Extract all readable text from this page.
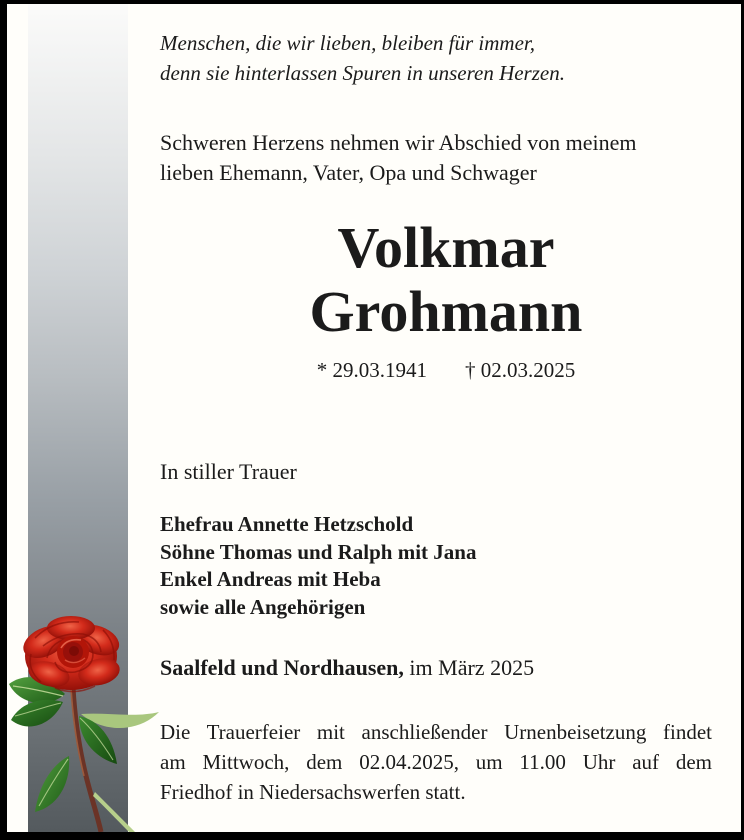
Menschen, die wir lieben, bleiben für immer,
denn sie hinterlassen Spuren in unseren Herzen.
Schweren Herzens nehmen wir Abschied von meinem
lieben Ehemann, Vater, Opa und Schwager
Volkmar
Grohmann
* 29.03.1941 † 02.03.2025
In stiller Trauer
Ehefrau Annette Hetzschold
Söhne Thomas und Ralph mit Jana
Enkel Andreas mit Heba
sowie alle Angehörigen
Saalfeld und Nordhausen, im März 2025
Die Trauerfeier mit anschließender Urnenbeisetzung findet
am Mittwoch, dem 02.04.2025, um 11.00 Uhr auf dem
Friedhof in Niedersachswerfen statt.
